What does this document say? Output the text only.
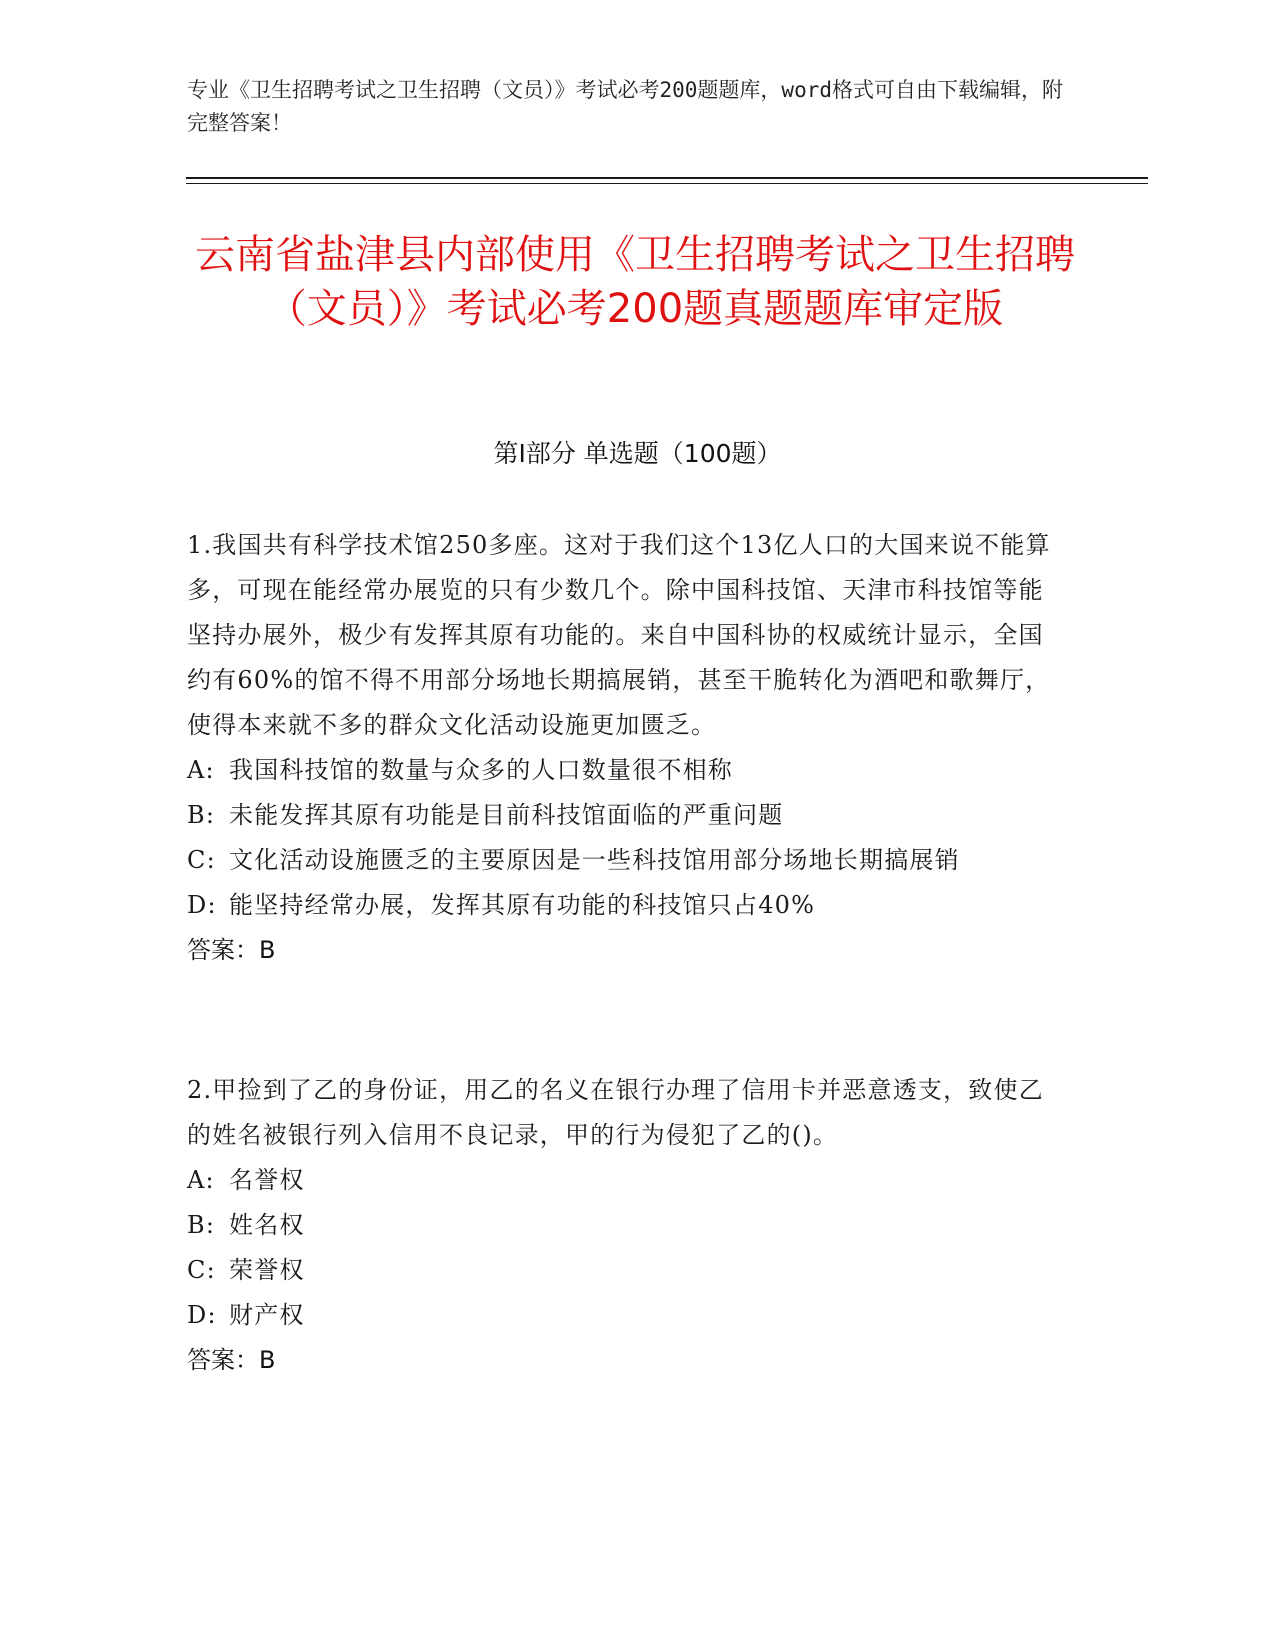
专业《卫生招聘考试之卫生招聘（文员）》考试必考200题题库，word格式可自由下载编辑，附完整答案！
云南省盐津县内部使用《卫生招聘考试之卫生招聘（文员）》考试必考200题真题题库审定版
第Ⅰ部分 单选题（100题）
1.我国共有科学技术馆250多座。这对于我们这个13亿人口的大国来说不能算多，可现在能经常办展览的只有少数几个。除中国科技馆、天津市科技馆等能坚持办展外，极少有发挥其原有功能的。来自中国科协的权威统计显示，全国约有60%的馆不得不用部分场地长期搞展销，甚至干脆转化为酒吧和歌舞厅，使得本来就不多的群众文化活动设施更加匮乏。
A: 我国科技馆的数量与众多的人口数量很不相称
B: 未能发挥其原有功能是目前科技馆面临的严重问题
C: 文化活动设施匮乏的主要原因是一些科技馆用部分场地长期搞展销
D: 能坚持经常办展，发挥其原有功能的科技馆只占40%
答案：B
2.甲捡到了乙的身份证，用乙的名义在银行办理了信用卡并恶意透支，致使乙的姓名被银行列入信用不良记录，甲的行为侵犯了乙的()。
A: 名誉权
B: 姓名权
C: 荣誉权
D: 财产权
答案：B
